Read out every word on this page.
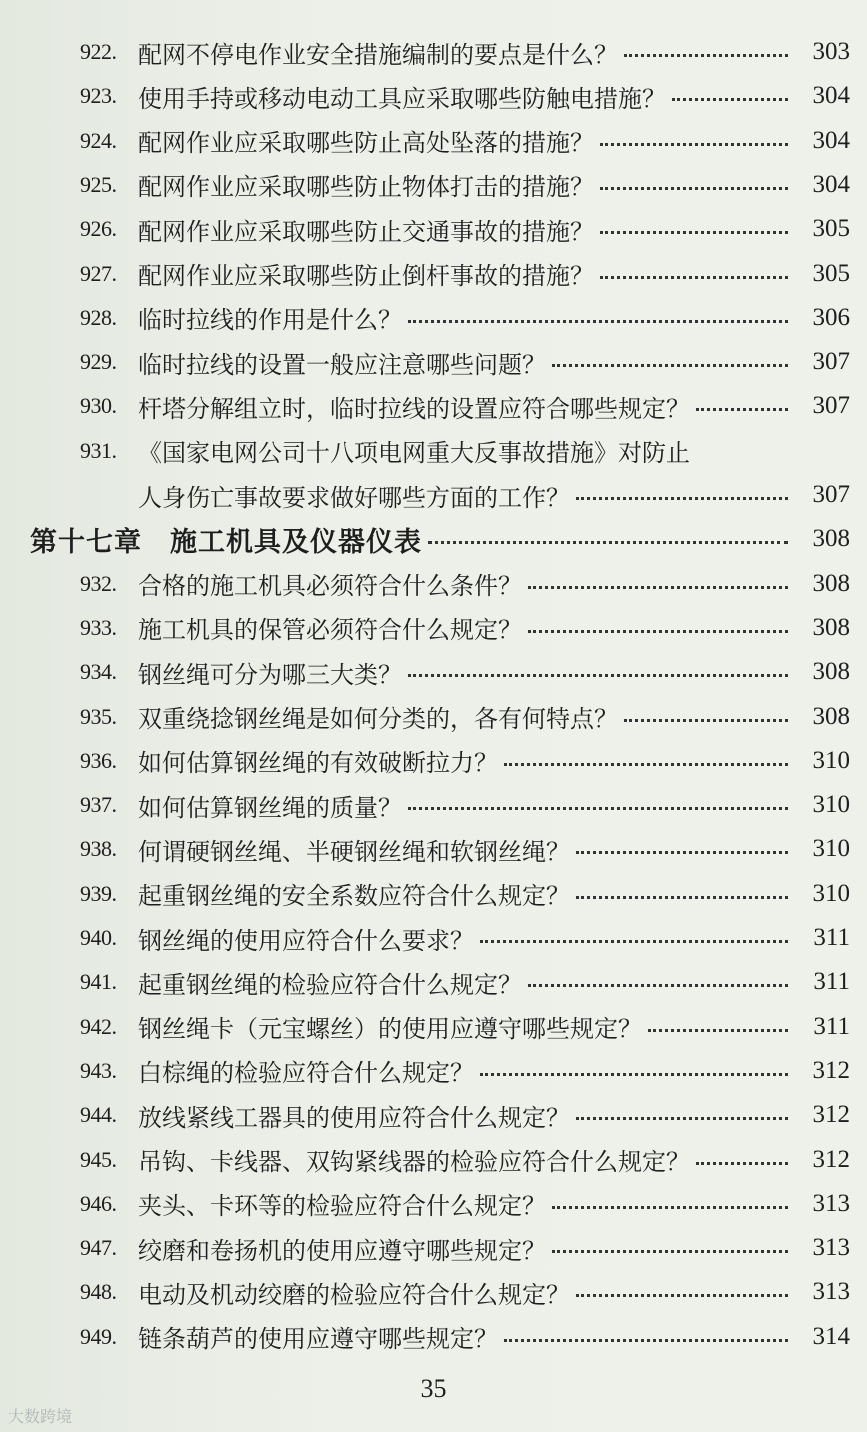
922. 配网不停电作业安全措施编制的要点是什么？	303
923. 使用手持或移动电动工具应采取哪些防触电措施？	304
924. 配网作业应采取哪些防止高处坠落的措施？	304
925. 配网作业应采取哪些防止物体打击的措施？	304
926. 配网作业应采取哪些防止交通事故的措施？	305
927. 配网作业应采取哪些防止倒杆事故的措施？	305
928. 临时拉线的作用是什么？	306
929. 临时拉线的设置一般应注意哪些问题？	307
930. 杆塔分解组立时，临时拉线的设置应符合哪些规定？	307
931. 《国家电网公司十八项电网重大反事故措施》对防止
人身伤亡事故要求做好哪些方面的工作？	307
第十七章　施工机具及仪器仪表	308
932. 合格的施工机具必须符合什么条件？	308
933. 施工机具的保管必须符合什么规定？	308
934. 钢丝绳可分为哪三大类？	308
935. 双重绕捻钢丝绳是如何分类的，各有何特点？	308
936. 如何估算钢丝绳的有效破断拉力？	310
937. 如何估算钢丝绳的质量？	310
938. 何谓硬钢丝绳、半硬钢丝绳和软钢丝绳？	310
939. 起重钢丝绳的安全系数应符合什么规定？	310
940. 钢丝绳的使用应符合什么要求？	311
941. 起重钢丝绳的检验应符合什么规定？	311
942. 钢丝绳卡（元宝螺丝）的使用应遵守哪些规定？	311
943. 白棕绳的检验应符合什么规定？	312
944. 放线紧线工器具的使用应符合什么规定？	312
945. 吊钩、卡线器、双钩紧线器的检验应符合什么规定？	312
946. 夹头、卡环等的检验应符合什么规定？	313
947. 绞磨和卷扬机的使用应遵守哪些规定？	313
948. 电动及机动绞磨的检验应符合什么规定？	313
949. 链条葫芦的使用应遵守哪些规定？	314
35
大数跨境
